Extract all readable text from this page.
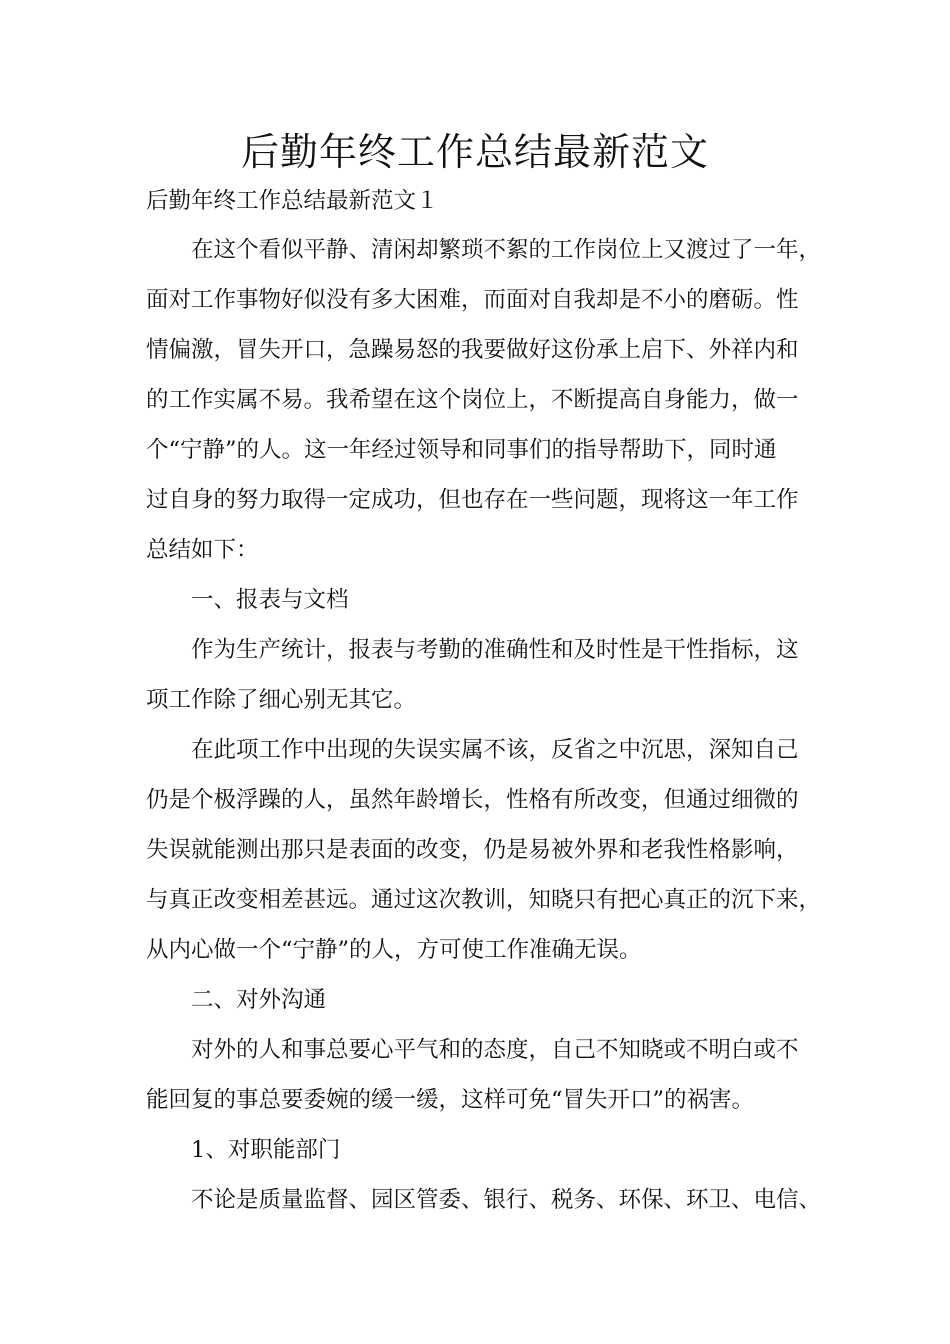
后勤年终工作总结最新范文

后勤年终工作总结最新范文１

在这个看似平静、清闲却繁琐不絮的工作岗位上又渡过了一年，

面对工作事物好似没有多大困难，而面对自我却是不小的磨砺。性

情偏激，冒失开口，急躁易怒的我要做好这份承上启下、外祥内和

的工作实属不易。我希望在这个岗位上，不断提高自身能力，做一

个“宁静”的人。这一年经过领导和同事们的指导帮助下，同时通

过自身的努力取得一定成功，但也存在一些问题，现将这一年工作

总结如下：

一、报表与文档

作为生产统计，报表与考勤的准确性和及时性是干性指标，这

项工作除了细心别无其它。

在此项工作中出现的失误实属不该，反省之中沉思，深知自己

仍是个极浮躁的人，虽然年龄增长，性格有所改变，但通过细微的

失误就能测出那只是表面的改变，仍是易被外界和老我性格影响，

与真正改变相差甚远。通过这次教训，知晓只有把心真正的沉下来，

从内心做一个“宁静”的人，方可使工作准确无误。

二、对外沟通

对外的人和事总要心平气和的态度，自己不知晓或不明白或不

能回复的事总要委婉的缓一缓，这样可免“冒失开口”的祸害。

1、对职能部门

不论是质量监督、园区管委、银行、税务、环保、环卫、电信、
